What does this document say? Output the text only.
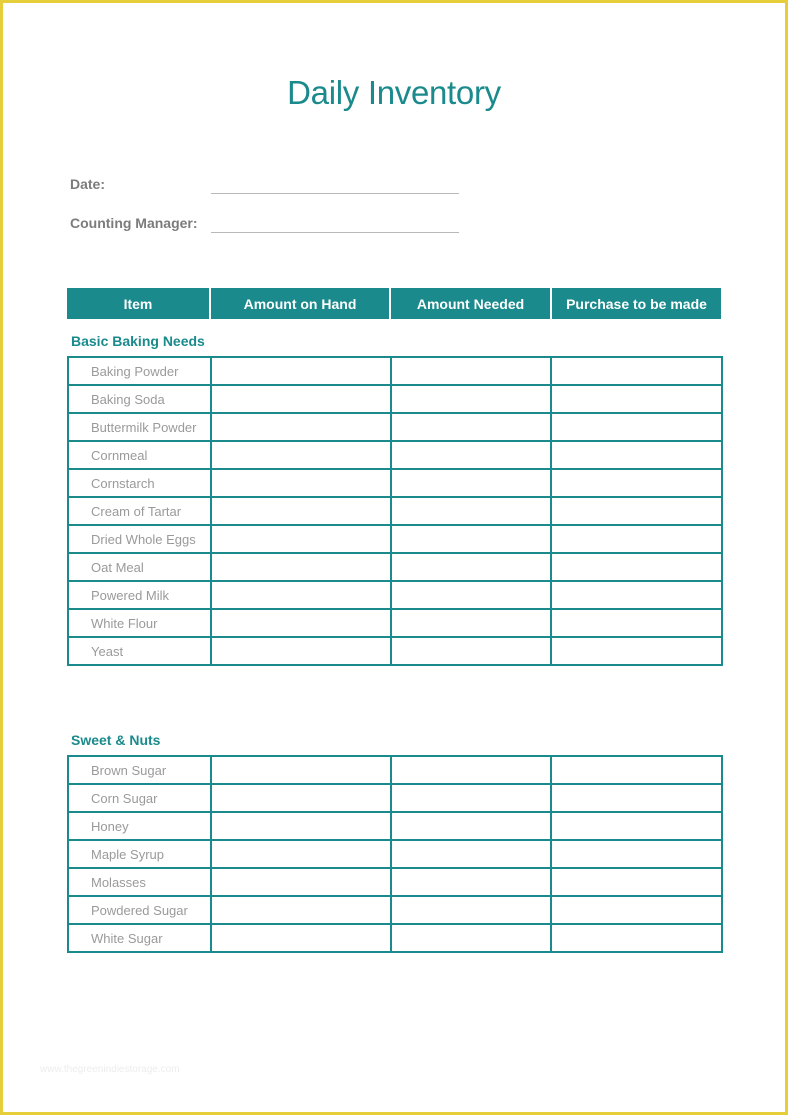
Daily Inventory
Date:
Counting Manager:
Item	Amount on Hand	Amount Needed	Purchase to be made
Basic Baking Needs
Baking Powder			
Baking Soda			
Buttermilk Powder			
Cornmeal			
Cornstarch			
Cream of Tartar			
Dried Whole Eggs			
Oat Meal			
Powered Milk			
White Flour			
Yeast			
Sweet & Nuts
Brown Sugar			
Corn Sugar			
Honey			
Maple Syrup			
Molasses			
Powdered Sugar			
White Sugar			
www.thegreenindiestorage.com
